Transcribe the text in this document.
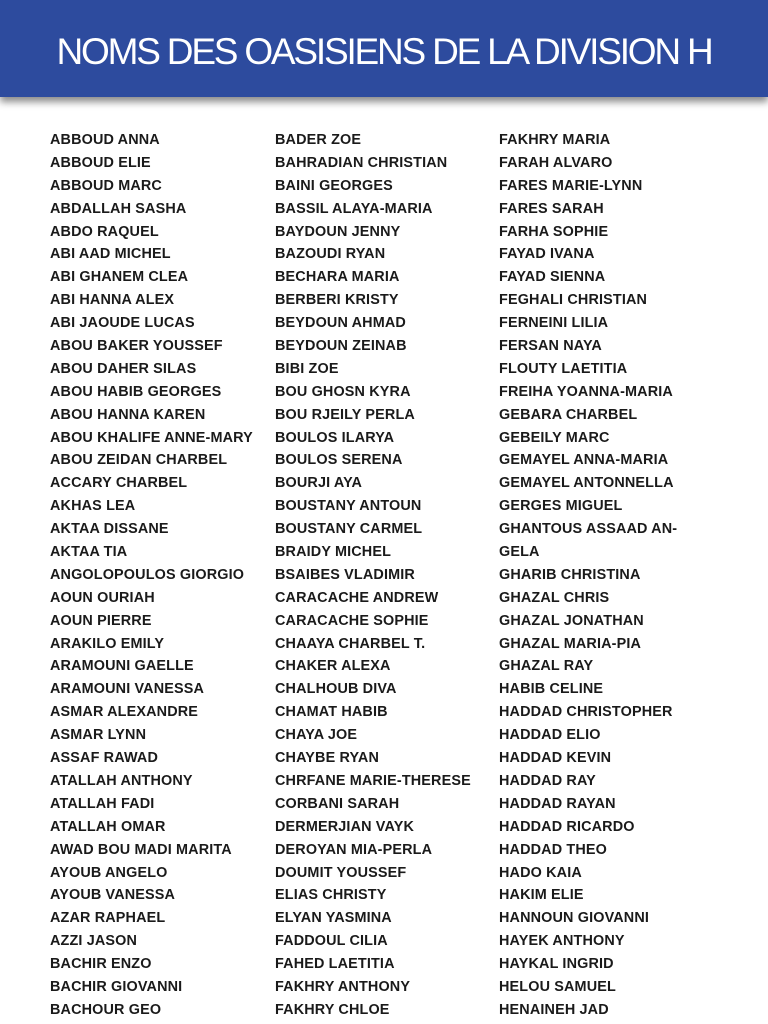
NOMS DES OASISIENS DE LA DIVISION H
ABBOUD ANNA
ABBOUD ELIE
ABBOUD MARC
ABDALLAH SASHA
ABDO RAQUEL
ABI AAD MICHEL
ABI GHANEM CLEA
ABI HANNA ALEX
ABI JAOUDE LUCAS
ABOU BAKER YOUSSEF
ABOU DAHER SILAS
ABOU HABIB GEORGES
ABOU HANNA KAREN
ABOU KHALIFE ANNE-MARY
ABOU ZEIDAN CHARBEL
ACCARY CHARBEL
AKHAS LEA
AKTAA DISSANE
AKTAA TIA
ANGOLOPOULOS GIORGIO
AOUN OURIAH
AOUN PIERRE
ARAKILO EMILY
ARAMOUNI GAELLE
ARAMOUNI VANESSA
ASMAR ALEXANDRE
ASMAR LYNN
ASSAF RAWAD
ATALLAH ANTHONY
ATALLAH FADI
ATALLAH OMAR
AWAD BOU MADI MARITA
AYOUB ANGELO
AYOUB VANESSA
AZAR RAPHAEL
AZZI JASON
BACHIR ENZO
BACHIR GIOVANNI
BACHOUR GEO
BADER ZOE
BAHRADIAN CHRISTIAN
BAINI GEORGES
BASSIL ALAYA-MARIA
BAYDOUN JENNY
BAZOUDI RYAN
BECHARA MARIA
BERBERI KRISTY
BEYDOUN AHMAD
BEYDOUN ZEINAB
BIBI ZOE
BOU GHOSN KYRA
BOU RJEILY PERLA
BOULOS ILARYA
BOULOS SERENA
BOURJI AYA
BOUSTANY ANTOUN
BOUSTANY CARMEL
BRAIDY MICHEL
BSAIBES VLADIMIR
CARACACHE ANDREW
CARACACHE SOPHIE
CHAAYA CHARBEL T.
CHAKER ALEXA
CHALHOUB DIVA
CHAMAT HABIB
CHAYA JOE
CHAYBE RYAN
CHRFANE MARIE-THERESE
CORBANI SARAH
DERMERJIAN VAYK
DEROYAN MIA-PERLA
DOUMIT YOUSSEF
ELIAS CHRISTY
ELYAN YASMINA
FADDOUL CILIA
FAHED LAETITIA
FAKHRY ANTHONY
FAKHRY CHLOE
FAKHRY MARIA
FARAH ALVARO
FARES MARIE-LYNN
FARES SARAH
FARHA SOPHIE
FAYAD IVANA
FAYAD SIENNA
FEGHALI CHRISTIAN
FERNEINI LILIA
FERSAN NAYA
FLOUTY LAETITIA
FREIHA YOANNA-MARIA
GEBARA CHARBEL
GEBEILY MARC
GEMAYEL ANNA-MARIA
GEMAYEL ANTONNELLA
GERGES MIGUEL
GHANTOUS ASSAAD AN-
GELA
GHARIB CHRISTINA
GHAZAL CHRIS
GHAZAL JONATHAN
GHAZAL MARIA-PIA
GHAZAL RAY
HABIB CELINE
HADDAD CHRISTOPHER
HADDAD ELIO
HADDAD KEVIN
HADDAD RAY
HADDAD RAYAN
HADDAD RICARDO
HADDAD THEO
HADO KAIA
HAKIM ELIE
HANNOUN GIOVANNI
HAYEK ANTHONY
HAYKAL INGRID
HELOU SAMUEL
HENAINEH JAD
